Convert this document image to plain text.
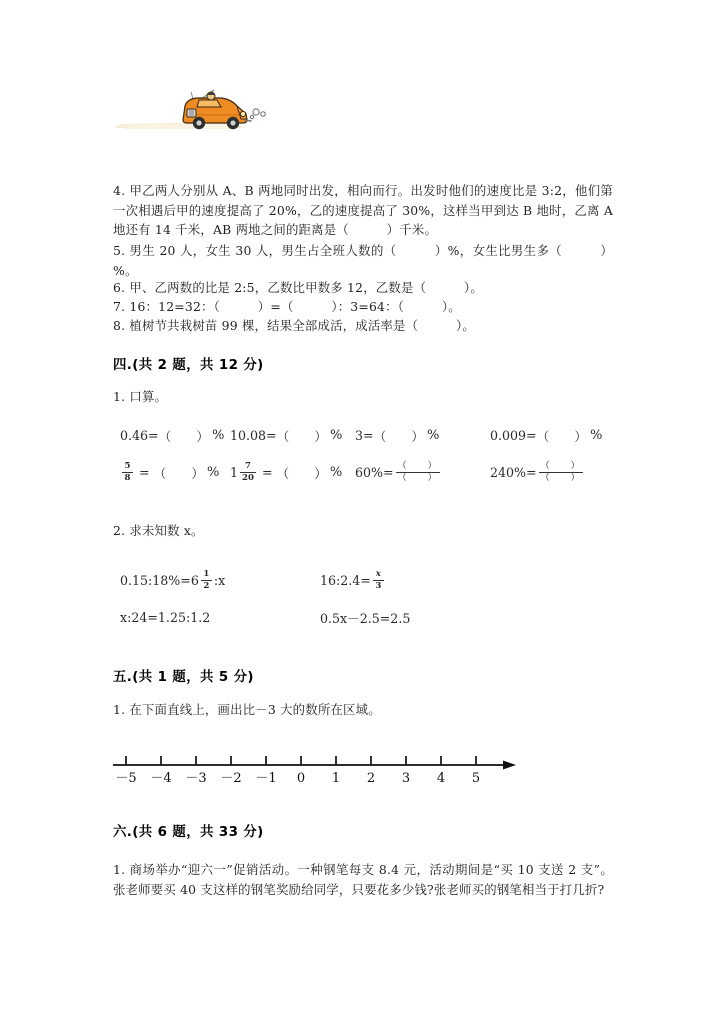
4. 甲乙两人分别从 A、B 两地同时出发，相向而行。出发时他们的速度比是 3:2，他们第一次相遇后甲的速度提高了 20%，乙的速度提高了 30%，这样当甲到达 B 地时，乙离 A 地还有 14 千米，AB 两地之间的距离是（　　　）千米。
5. 男生 20 人，女生 30 人，男生占全班人数的（　　　）%，女生比男生多（　　　）%。
6. 甲、乙两数的比是 2:5，乙数比甲数多 12，乙数是（　　　）。
7. 16：12=32：（　　　）=（　　　）：3=64：（　　　）。
8. 植树节共栽树苗 99 棵，结果全部成活，成活率是（　　　）。
四.(共 2 题，共 12 分)
1. 口算。
0.46= （　　） % 10.08= （　　） % 3= （　　） %	0.009= （　　） %
$\frac{5}{8}$ = （　　） % $1 \frac{7}{20}$ = （　　） % $60\% = \frac{( )}{( )}$	$240\% = \frac{( )}{( )}$
2. 求未知数 x。
0.15:18%=6 $\frac{1}{2}$ :x	16:2.4= $\frac{x}{3}$
x:24=1.25:1.2	0.5x－2.5=2.5
五.(共 1 题，共 5 分)
1. 在下面直线上，画出比－3 大的数所在区域。
－5 －4 －3 －2 －1 0 1 2 3 4 5
六.(共 6 题，共 33 分)
1. 商场举办“迎六一”促销活动。一种钢笔每支 8.4 元，活动期间是“买 10 支送 2 支”。张老师要买 40 支这样的钢笔奖励给同学，只要花多少钱?张老师买的钢笔相当于打几折?
